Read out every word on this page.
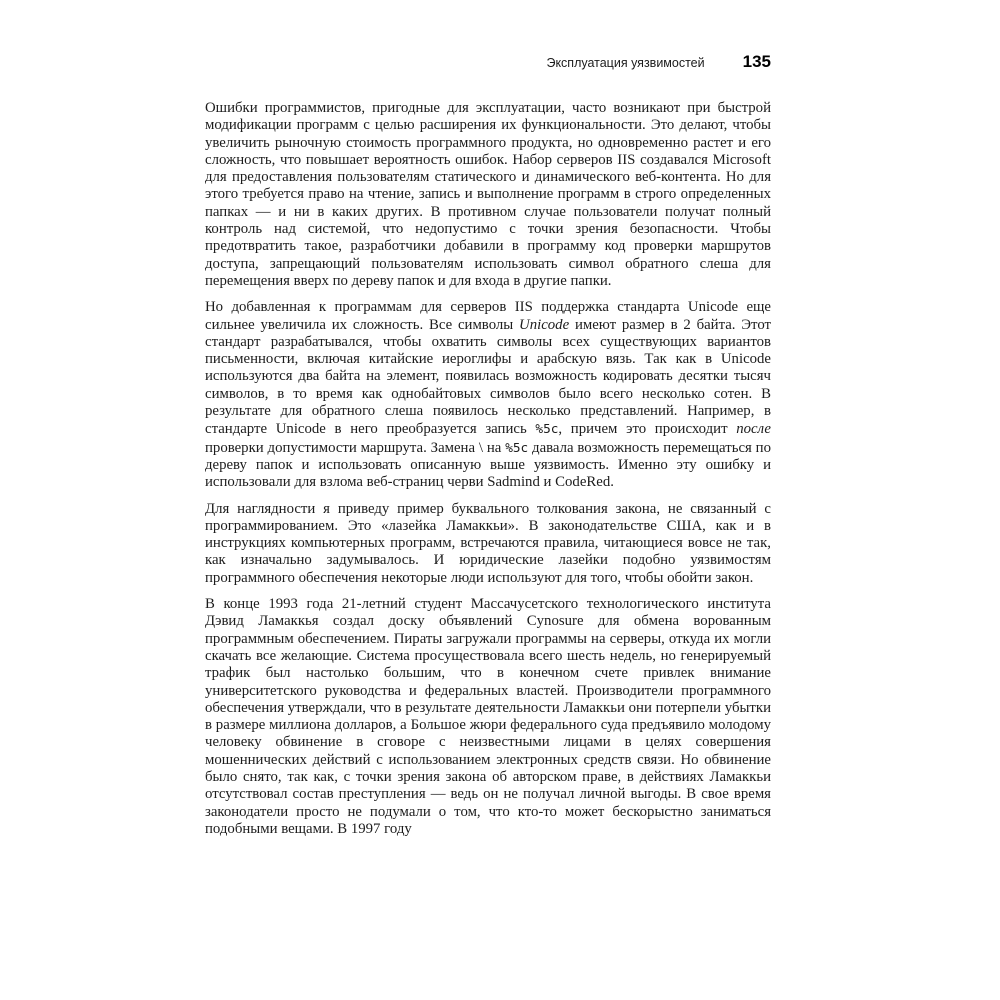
Эксплуатация уязвимостей 135

Ошибки программистов, пригодные для эксплуатации, часто возникают при быстрой модификации программ с целью расширения их функциональности. Это делают, чтобы увеличить рыночную стоимость программного продукта, но одновременно растет и его сложность, что повышает вероятность ошибок. Набор серверов IIS создавался Microsoft для предоставления пользователям статического и динамического веб-контента. Но для этого требуется право на чтение, запись и выполнение программ в строго определенных папках — и ни в каких других. В противном случае пользователи получат полный контроль над системой, что недопустимо с точки зрения безопасности. Чтобы предотвратить такое, разработчики добавили в программу код проверки маршрутов доступа, запрещающий пользователям использовать символ обратного слеша для перемещения вверх по дереву папок и для входа в другие папки.

Но добавленная к программам для серверов IIS поддержка стандарта Unicode еще сильнее увеличила их сложность. Все символы Unicode имеют размер в 2 байта. Этот стандарт разрабатывался, чтобы охватить символы всех существующих вариантов письменности, включая китайские иероглифы и арабскую вязь. Так как в Unicode используются два байта на элемент, появилась возможность кодировать десятки тысяч символов, в то время как однобайтовых символов было всего несколько сотен. В результате для обратного слеша появилось несколько представлений. Например, в стандарте Unicode в него преобразуется запись %5c, причем это происходит после проверки допустимости маршрута. Замена \ на %5c давала возможность перемещаться по дереву папок и использовать описанную выше уязвимость. Именно эту ошибку и использовали для взлома веб-страниц черви Sadmind и CodeRed.

Для наглядности я приведу пример буквального толкования закона, не связанный с программированием. Это «лазейка Ламаккьи». В законодательстве США, как и в инструкциях компьютерных программ, встречаются правила, читающиеся вовсе не так, как изначально задумывалось. И юридические лазейки подобно уязвимостям программного обеспечения некоторые люди используют для того, чтобы обойти закон.

В конце 1993 года 21-летний студент Массачусетского технологического института Дэвид Ламаккья создал доску объявлений Cynosure для обмена ворованным программным обеспечением. Пираты загружали программы на серверы, откуда их могли скачать все желающие. Система просуществовала всего шесть недель, но генерируемый трафик был настолько большим, что в конечном счете привлек внимание университетского руководства и федеральных властей. Производители программного обеспечения утверждали, что в результате деятельности Ламаккьи они потерпели убытки в размере миллиона долларов, а Большое жюри федерального суда предъявило молодому человеку обвинение в сговоре с неизвестными лицами в целях совершения мошеннических действий с использованием электронных средств связи. Но обвинение было снято, так как, с точки зрения закона об авторском праве, в действиях Ламаккьи отсутствовал состав преступления — ведь он не получал личной выгоды. В свое время законодатели просто не подумали о том, что кто-то может бескорыстно заниматься подобными вещами. В 1997 году
